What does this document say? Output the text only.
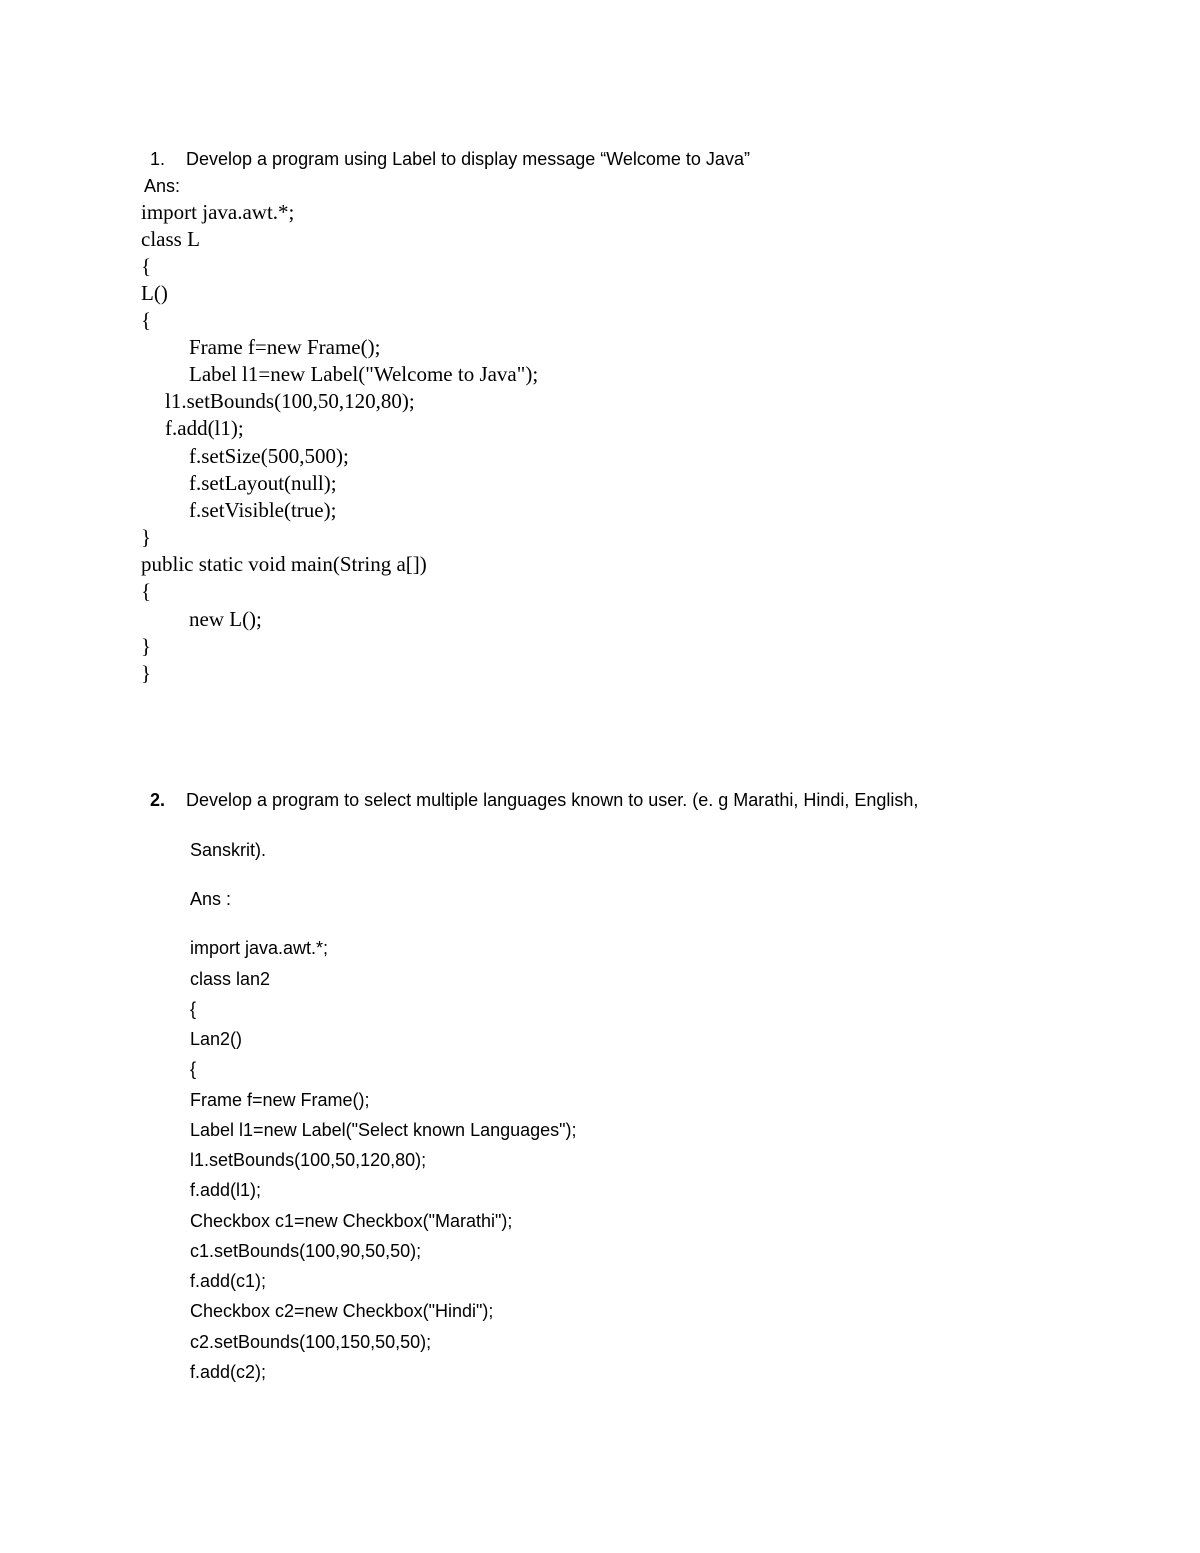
1. Develop a program using Label to display message “Welcome to Java”
Ans:
import java.awt.*;
class L
{
L()
{
Frame f=new Frame();
Label l1=new Label("Welcome to Java");
l1.setBounds(100,50,120,80);
f.add(l1);
f.setSize(500,500);
f.setLayout(null);
f.setVisible(true);
}
public static void main(String a[])
{
new L();
}
}
2. Develop a program to select multiple languages known to user. (e. g Marathi, Hindi, English,
Sanskrit).
Ans :
import java.awt.*;
class lan2
{
Lan2()
{
Frame f=new Frame();
Label l1=new Label("Select known Languages");
l1.setBounds(100,50,120,80);
f.add(l1);
Checkbox c1=new Checkbox("Marathi");
c1.setBounds(100,90,50,50);
f.add(c1);
Checkbox c2=new Checkbox("Hindi");
c2.setBounds(100,150,50,50);
f.add(c2);
